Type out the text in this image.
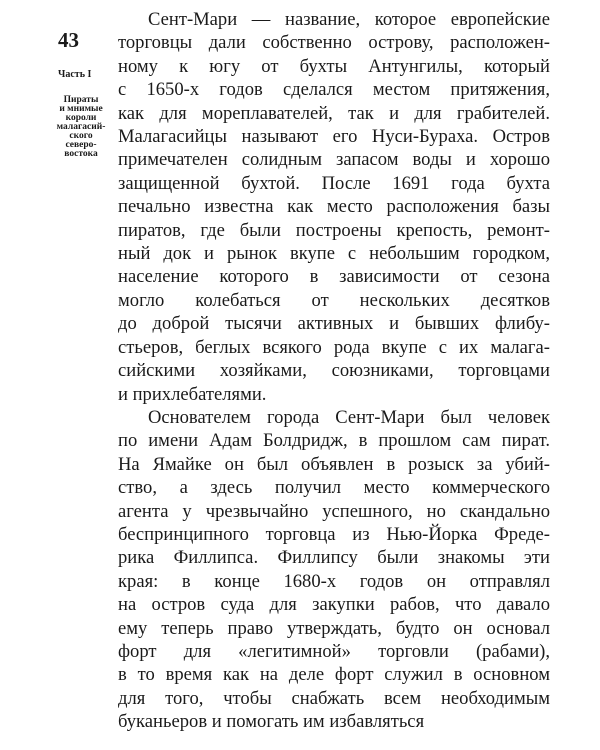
43
Часть I
Пираты
и мнимые
короли
малагасий-
ского
северо-
востока
Сент-Мари — название, которое европейские
торговцы дали собственно острову, расположен-
ному к югу от бухты Антунгилы, который
с 1650-х годов сделался местом притяжения,
как для мореплавателей, так и для грабителей.
Малагасийцы называют его Нуси-Бураха. Остров
примечателен солидным запасом воды и хорошо
защищенной бухтой. После 1691 года бухта
печально известна как место расположения базы
пиратов, где были построены крепость, ремонт-
ный док и рынок вкупе с небольшим городком,
население которого в зависимости от сезона
могло колебаться от нескольких десятков
до доброй тысячи активных и бывших флибу-
стьеров, беглых всякого рода вкупе с их малага-
сийскими хозяйками, союзниками, торговцами
и прихлебателями.
Основателем города Сент-Мари был человек
по имени Адам Болдридж, в прошлом сам пират.
На Ямайке он был объявлен в розыск за убий-
ство, а здесь получил место коммерческого
агента у чрезвычайно успешного, но скандально
беспринципного торговца из Нью-Йорка Фреде-
рика Филлипса. Филлипсу были знакомы эти
края: в конце 1680-х годов он отправлял
на остров суда для закупки рабов, что давало
ему теперь право утверждать, будто он основал
форт для «легитимной» торговли (рабами),
в то время как на деле форт служил в основном
для того, чтобы снабжать всем необходимым
буканьеров и помогать им избавляться
